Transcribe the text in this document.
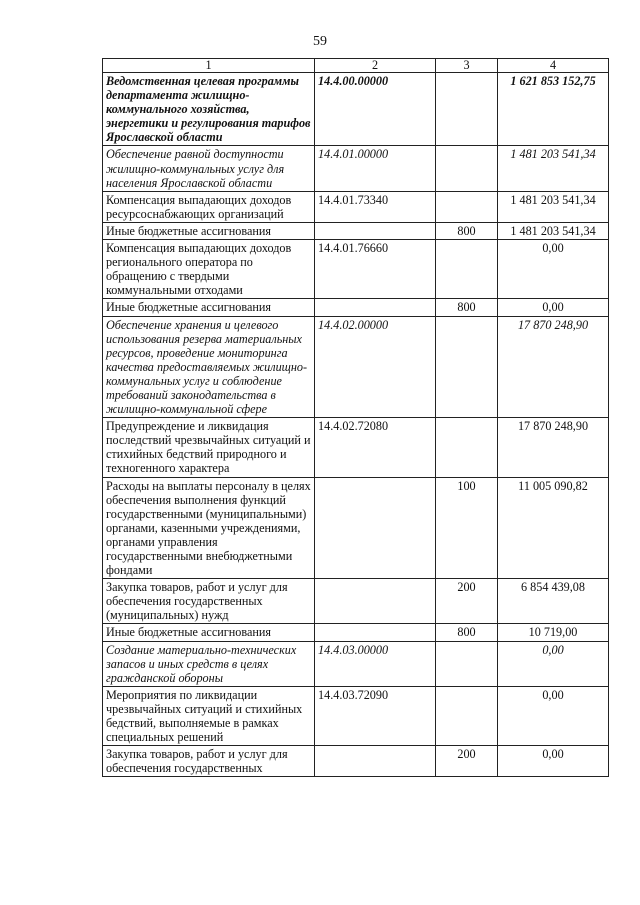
59
1	2	3	4
Ведомственная целевая программы департамента жилищно-коммунального хозяйства, энергетики и регулирования тарифов Ярославской области	14.4.00.00000		1 621 853 152,75
Обеспечение равной доступности жилищно-коммунальных услуг для населения Ярославской области	14.4.01.00000		1 481 203 541,34
Компенсация выпадающих доходов ресурсоснабжающих организаций	14.4.01.73340		1 481 203 541,34
Иные бюджетные ассигнования		800	1 481 203 541,34
Компенсация выпадающих доходов регионального оператора по обращению с твердыми коммунальными отходами	14.4.01.76660		0,00
Иные бюджетные ассигнования		800	0,00
Обеспечение хранения и целевого использования резерва материальных ресурсов, проведение мониторинга качества предоставляемых жилищно-коммунальных услуг и соблюдение требований законодательства в жилищно-коммунальной сфере	14.4.02.00000		17 870 248,90
Предупреждение и ликвидация последствий чрезвычайных ситуаций и стихийных бедствий природного и техногенного характера	14.4.02.72080		17 870 248,90
Расходы на выплаты персоналу в целях обеспечения выполнения функций государственными (муниципальными) органами, казенными учреждениями, органами управления государственными внебюджетными фондами		100	11 005 090,82
Закупка товаров, работ и услуг для обеспечения государственных (муниципальных) нужд		200	6 854 439,08
Иные бюджетные ассигнования		800	10 719,00
Создание материально-технических запасов и иных средств в целях гражданской обороны	14.4.03.00000		0,00
Мероприятия по ликвидации чрезвычайных ситуаций и стихийных бедствий, выполняемые в рамках специальных решений	14.4.03.72090		0,00
Закупка товаров, работ и услуг для обеспечения государственных		200	0,00
